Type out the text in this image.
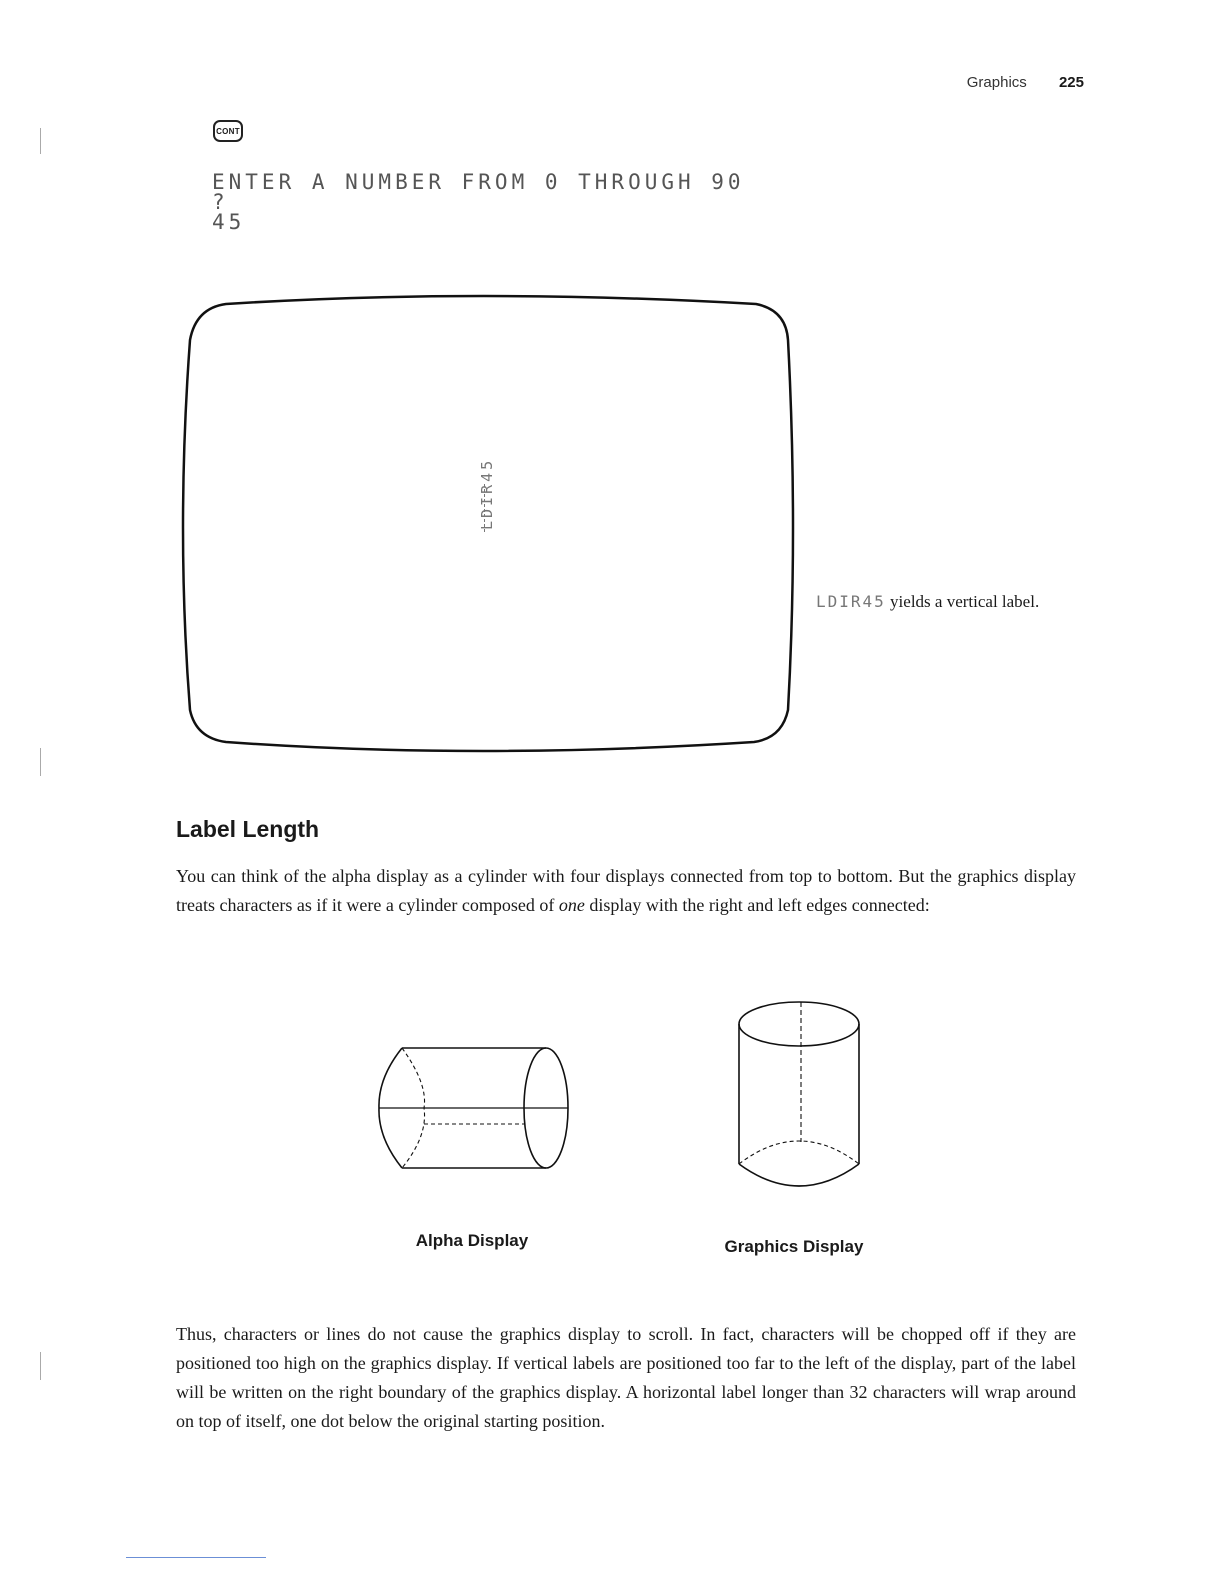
Graphics 225
CONT
ENTER A NUMBER FROM 0 THROUGH 90
?
45
LDIR45
LDIR45 yields a vertical label.
Label Length
You can think of the alpha display as a cylinder with four displays connected from top to bottom. But the graphics display treats characters as if it were a cylinder composed of one display with the right and left edges connected:
Alpha Display	Graphics Display
Thus, characters or lines do not cause the graphics display to scroll. In fact, characters will be chopped off if they are positioned too high on the graphics display. If vertical labels are positioned too far to the left of the display, part of the label will be written on the right boundary of the graphics display. A horizontal label longer than 32 characters will wrap around on top of itself, one dot below the original starting position.
